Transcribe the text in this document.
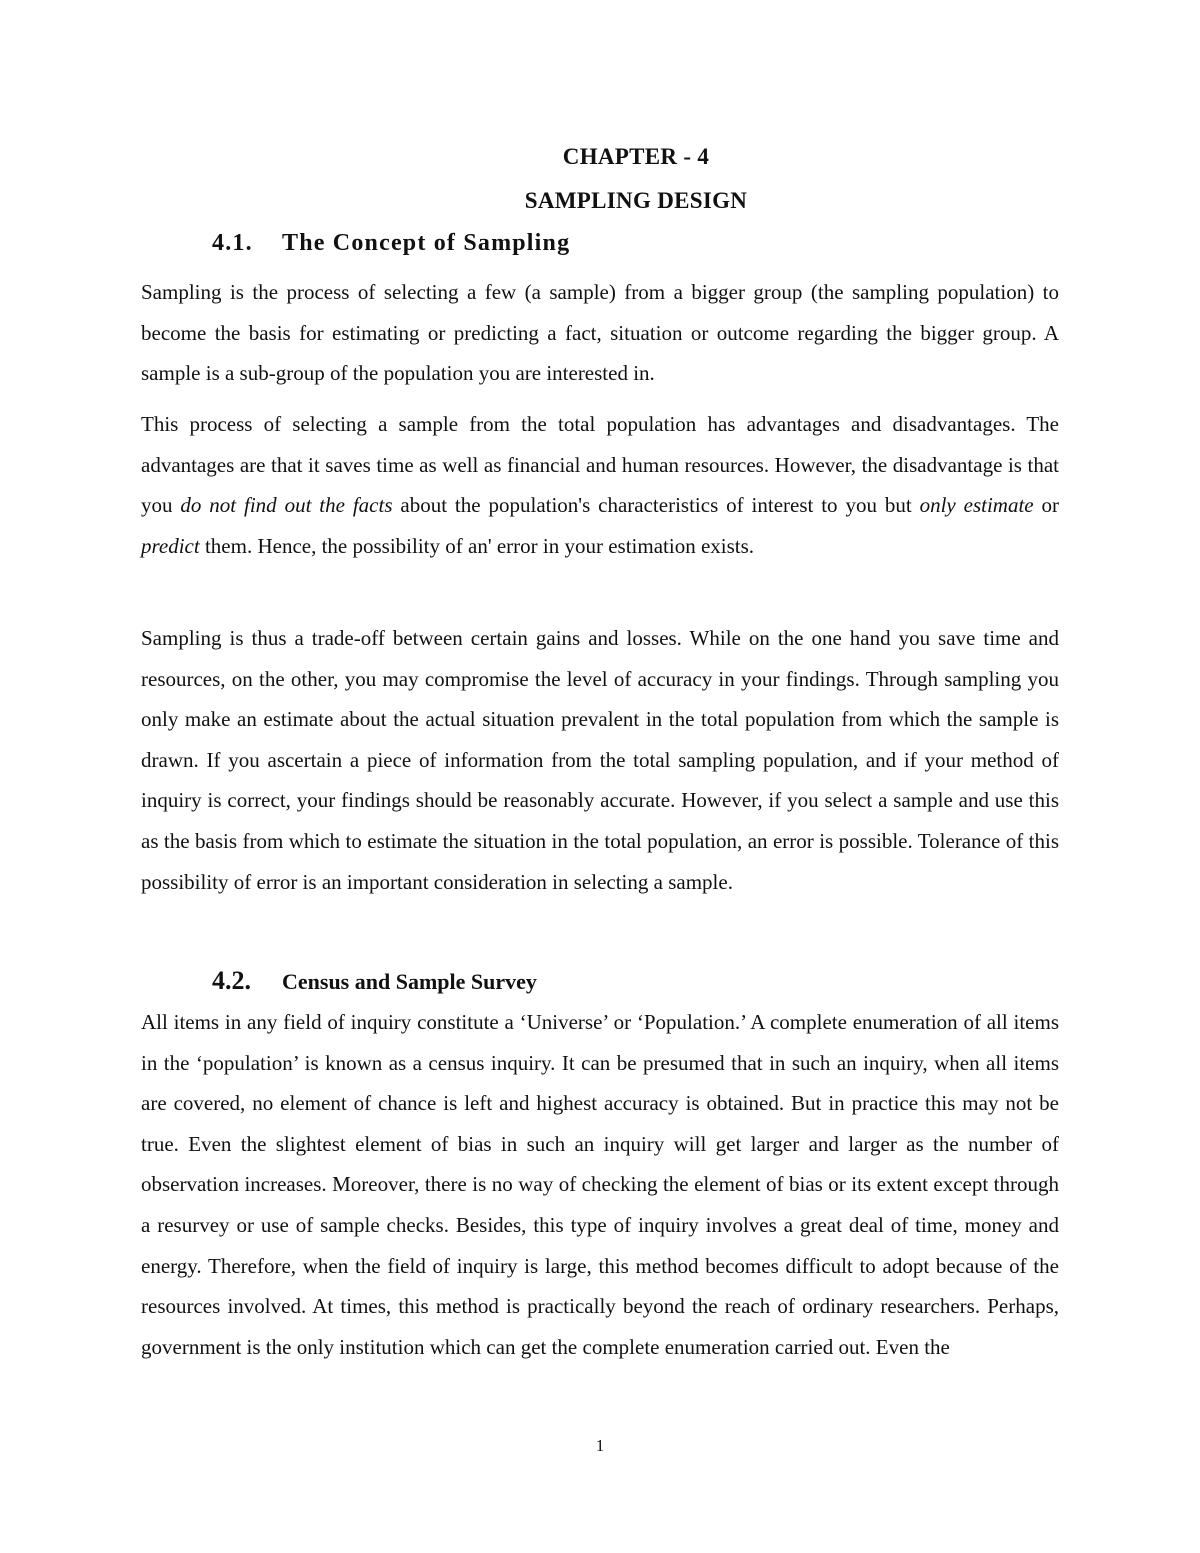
CHAPTER - 4
SAMPLING DESIGN
4.1. The Concept of Sampling

Sampling is the process of selecting a few (a sample) from a bigger group (the sampling population) to become the basis for estimating or predicting a fact, situation or outcome regarding the bigger group. A sample is a sub-group of the population you are interested in.

This process of selecting a sample from the total population has advantages and disadvantages. The advantages are that it saves time as well as financial and human resources. However, the disadvantage is that you do not find out the facts about the population's characteristics of interest to you but only estimate or predict them. Hence, the possibility of an' error in your estimation exists.

Sampling is thus a trade-off between certain gains and losses. While on the one hand you save time and resources, on the other, you may compromise the level of accuracy in your findings. Through sampling you only make an estimate about the actual situation prevalent in the total population from which the sample is drawn. If you ascertain a piece of information from the total sampling population, and if your method of inquiry is correct, your findings should be reasonably accurate. However, if you select a sample and use this as the basis from which to estimate the situation in the total population, an error is possible. Tolerance of this possibility of error is an important consideration in selecting a sample.

4.2. Census and Sample Survey

All items in any field of inquiry constitute a ‘Universe’ or ‘Population.’ A complete enumeration of all items in the ‘population’ is known as a census inquiry. It can be presumed that in such an inquiry, when all items are covered, no element of chance is left and highest accuracy is obtained. But in practice this may not be true. Even the slightest element of bias in such an inquiry will get larger and larger as the number of observation increases. Moreover, there is no way of checking the element of bias or its extent except through a resurvey or use of sample checks. Besides, this type of inquiry involves a great deal of time, money and energy. Therefore, when the field of inquiry is large, this method becomes difficult to adopt because of the resources involved. At times, this method is practically beyond the reach of ordinary researchers. Perhaps, government is the only institution which can get the complete enumeration carried out. Even the

1
